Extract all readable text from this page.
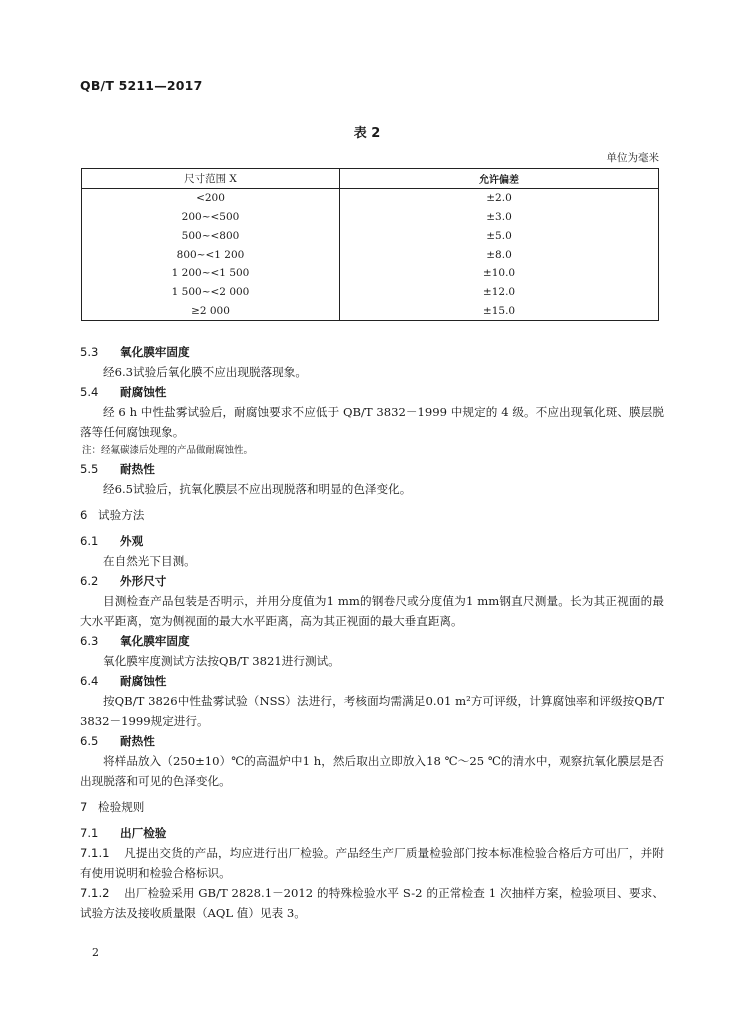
QB/T 5211—2017
表 2
单位为毫米
尺寸范围 X	允许偏差
<200	±2.0
200~<500	±3.0
500~<800	±5.0
800~<1 200	±8.0
1 200~<1 500	±10.0
1 500~<2 000	±12.0
≥2 000	±15.0

5.3 氧化膜牢固度

经6.3试验后氧化膜不应出现脱落现象。

5.4 耐腐蚀性

经 6 h 中性盐雾试验后，耐腐蚀要求不应低于 QB/T 3832－1999 中规定的 4 级。不应出现氧化斑、膜层脱落等任何腐蚀现象。

注：经氟碳漆后处理的产品做耐腐蚀性。

5.5 耐热性

经6.5试验后，抗氧化膜层不应出现脱落和明显的色泽变化。

6 试验方法

6.1 外观

在自然光下目测。

6.2 外形尺寸

目测检查产品包装是否明示，并用分度值为1 mm的钢卷尺或分度值为1 mm钢直尺测量。长为其正视面的最大水平距离，宽为侧视面的最大水平距离，高为其正视面的最大垂直距离。

6.3 氧化膜牢固度

氧化膜牢度测试方法按QB/T 3821进行测试。

6.4 耐腐蚀性

按QB/T 3826中性盐雾试验（NSS）法进行，考核面均需满足0.01 m²方可评级，计算腐蚀率和评级按QB/T 3832－1999规定进行。

6.5 耐热性

将样品放入（250±10）℃的高温炉中1 h，然后取出立即放入18 ℃～25 ℃的清水中，观察抗氧化膜层是否出现脱落和可见的色泽变化。

7 检验规则

7.1 出厂检验

7.1.1 凡提出交货的产品，均应进行出厂检验。产品经生产厂质量检验部门按本标准检验合格后方可出厂，并附有使用说明和检验合格标识。

7.1.2 出厂检验采用 GB/T 2828.1－2012 的特殊检验水平 S-2 的正常检查 1 次抽样方案，检验项目、要求、试验方法及接收质量限（AQL 值）见表 3。

2
